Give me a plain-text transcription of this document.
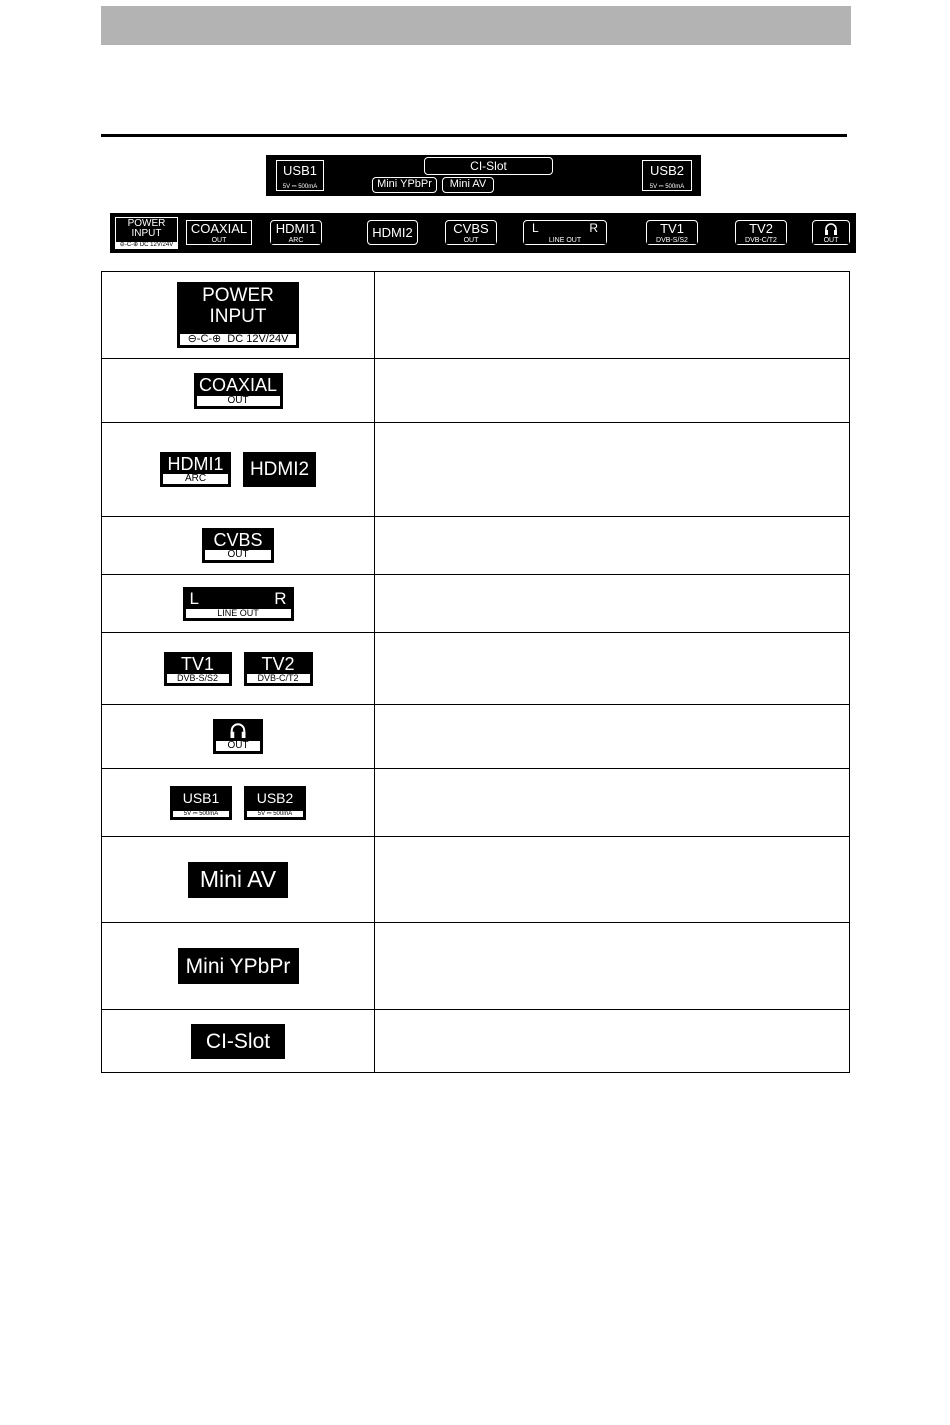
USB1
5V ⎓ 500mA
CI-Slot
Mini YPbPr	Mini AV
USB2
5V ⎓ 500mA
POWER
INPUT
⊖-C-⊕ DC 12V/24V
COAXIAL
OUT
HDMI1
ARC
HDMI2	CVBS
OUT
L	R
LINE OUT
TV1
DVB-S/S2
TV2
DVB-C/T2	OUT
POWER
INPUT
⊖-C-⊕ DC 12V/24V	

COAXIAL
OUT	

HDMI1
ARC HDMI2	

CVBS
OUT	

L R
LINE OUT	

TV1
DVB-S/S2
TV2
DVB-C/T2	

OUT	

USB1
5V ⎓ 500mA
USB2
5V ⎓ 500mA	

Mini AV	

Mini YPbPr	

CI-Slot	
